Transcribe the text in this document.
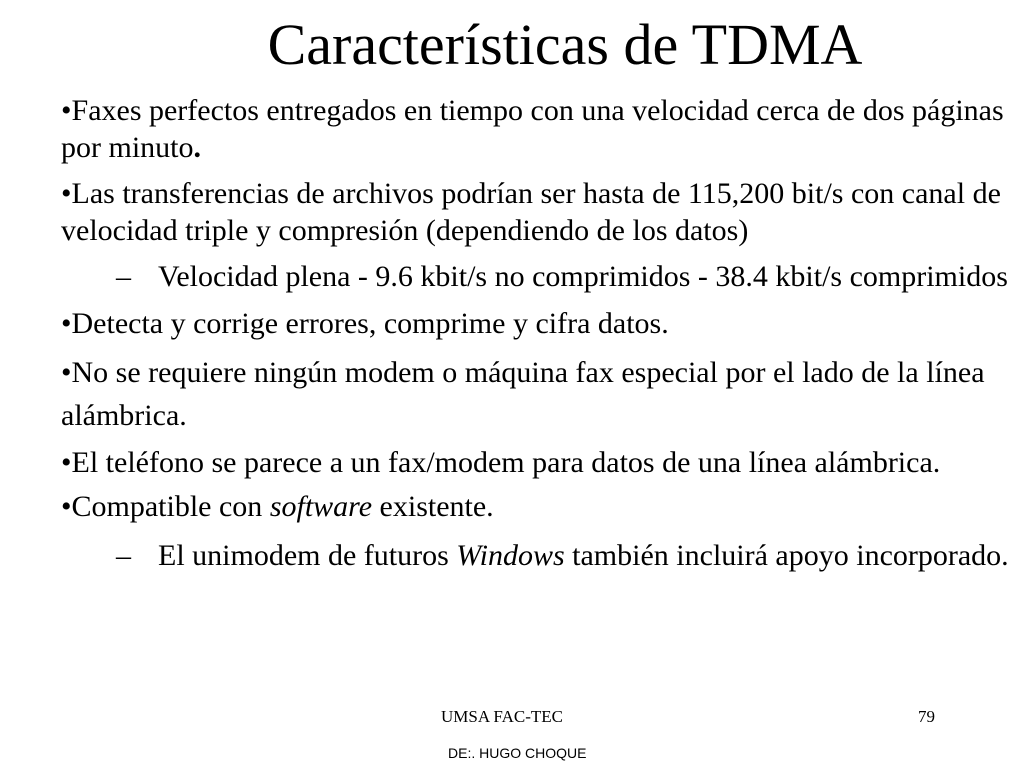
Características de TDMA
•Faxes perfectos entregados en tiempo con una velocidad cerca de dos páginas por minuto.
•Las transferencias de archivos podrían ser hasta de 115,200 bit/s con canal de velocidad triple y compresión (dependiendo de los datos)
– Velocidad plena - 9.6 kbit/s no comprimidos - 38.4 kbit/s comprimidos
•Detecta y corrige errores, comprime y cifra datos.
•No se requiere ningún modem o máquina fax especial por el lado de la línea alámbrica.
•El teléfono se parece a un fax/modem para datos de una línea alámbrica.
•Compatible con software existente.
– El unimodem de futuros Windows también incluirá apoyo incorporado.
UMSA FAC-TEC	79
DE:. HUGO CHOQUE
